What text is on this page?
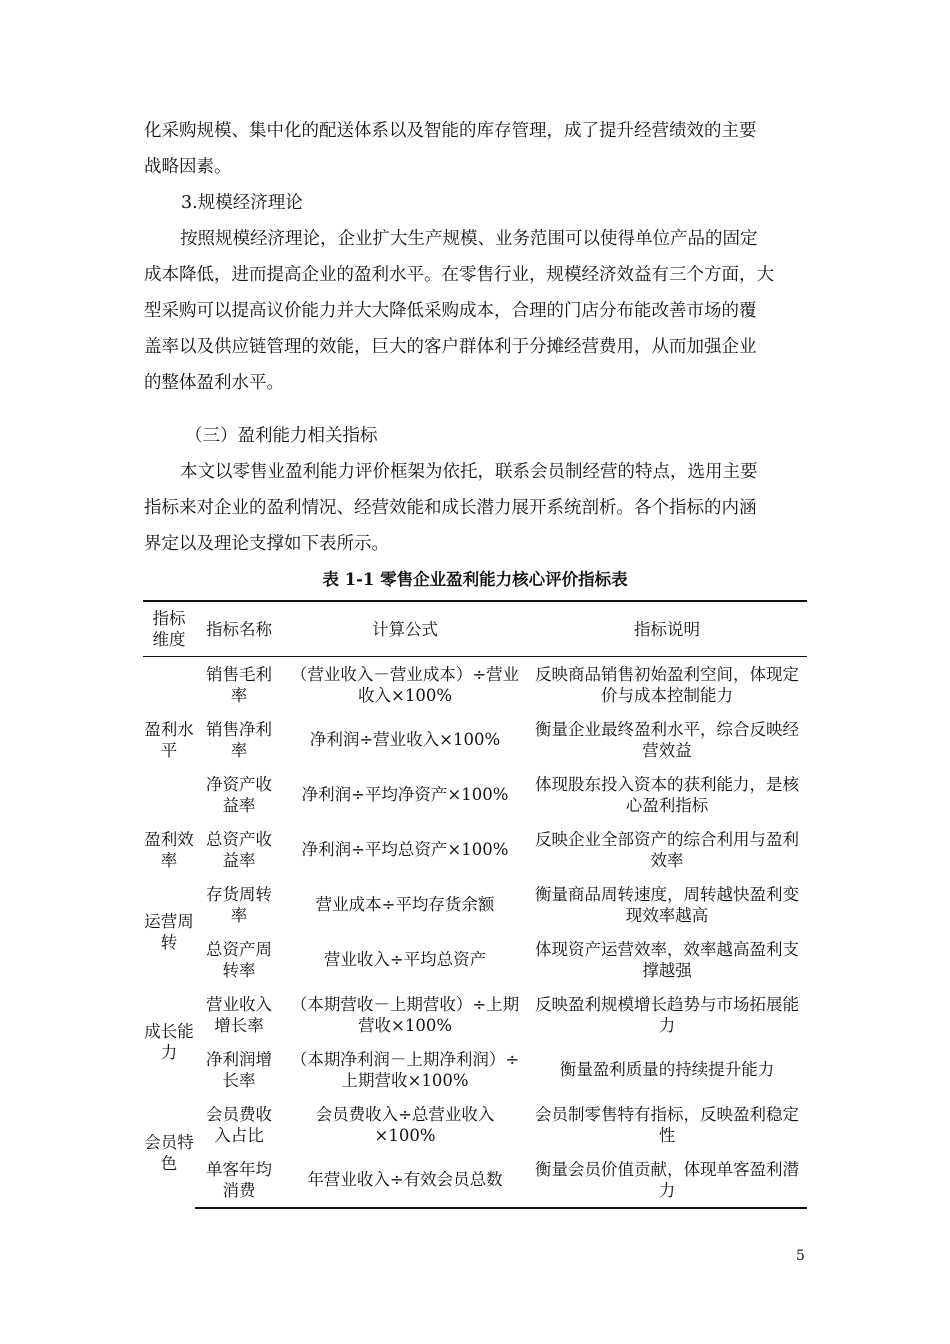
化采购规模、集中化的配送体系以及智能的库存管理，成了提升经营绩效的主要
战略因素。

3.规模经济理论

按照规模经济理论，企业扩大生产规模、业务范围可以使得单位产品的固定
成本降低，进而提高企业的盈利水平。在零售行业，规模经济效益有三个方面，大
型采购可以提高议价能力并大大降低采购成本，合理的门店分布能改善市场的覆
盖率以及供应链管理的效能，巨大的客户群体利于分摊经营费用，从而加强企业
的整体盈利水平。

（三）盈利能力相关指标

本文以零售业盈利能力评价框架为依托，联系会员制经营的特点，选用主要
指标来对企业的盈利情况、经营效能和成长潜力展开系统剖析。各个指标的内涵
界定以及理论支撑如下表所示。

表 1-1 零售企业盈利能力核心评价指标表

指标维度	指标名称	计算公式	指标说明
盈利水平	销售毛利率	（营业收入－营业成本）÷营业收入×100%	反映商品销售初始盈利空间，体现定价与成本控制能力
	销售净利率	净利润÷营业收入×100%	衡量企业最终盈利水平，综合反映经营效益
	净资产收益率	净利润÷平均净资产×100%	体现股东投入资本的获利能力，是核心盈利指标
盈利效率	总资产收益率	净利润÷平均总资产×100%	反映企业全部资产的综合利用与盈利效率
运营周转	存货周转率	营业成本÷平均存货余额	衡量商品周转速度，周转越快盈利变现效率越高
	总资产周转率	营业收入÷平均总资产	体现资产运营效率，效率越高盈利支撑越强
成长能力	营业收入增长率	（本期营收－上期营收）÷上期营收×100%	反映盈利规模增长趋势与市场拓展能力
	净利润增长率	（本期净利润－上期净利润）÷上期营收×100%	衡量盈利质量的持续提升能力
会员特色	会员费收入占比	会员费收入÷总营业收入×100%	会员制零售特有指标，反映盈利稳定性
	单客年均消费	年营业收入÷有效会员总数	衡量会员价值贡献，体现单客盈利潜力

5
